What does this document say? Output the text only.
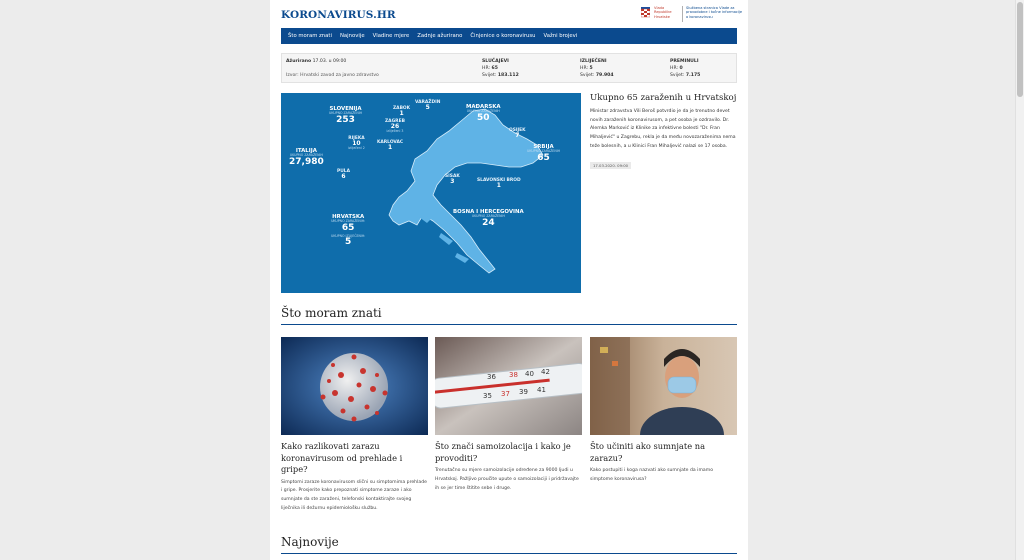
KORONAVIRUS.HR
Vlada Republike Hrvatske
Službena stranica Vlade za pravodobne i točne informacije o koronavirusu
Što moram znati Najnovije Vladine mjere Zadnje ažurirano Činjenice o koronavirusu Važni brojevi
Ažurirano 17.03. u 09:00
Izvor: Hrvatski zavod za javno zdravstvo
SLUČAJEVI
HR: 65
Svijet: 183.112
IZLIJEČENI
HR: 5
Svijet: 79.904
PREMINULI
HR: 0
Svijet: 7.175
SLOVENIJA
UKUPNO ZARAŽENIH
253
ZABOK
1
VARAŽDIN
5	MAĐARSKA
UKUPNO ZARAŽENIH
50
ZAGREB
26
izliječeni 3
RIJEKA
10
izliječeni 2
KARLOVAC
1
OSIJEK
7
SRBIJA
UKUPNO ZARAŽENIH
65
ITALIJA
UKUPNO ZARAŽENIH
27,980
PULA
6	SISAK
3	SLAVONSKI BROD
1
BOSNA I HERCEGOVINA
UKUPNO ZARAŽENIH
24
HRVATSKA
UKUPNO ZARAŽENIH:
65
UKUPNO IZLIJEČENIH:
5
Ukupno 65 zaraženih u Hrvatskoj

Ministar zdravstva Vili Beroš potvrdio je da je trenutno devet novih zaraženih koronavirusom, a pet osoba je ozdravilo. Dr. Alemka Marković iz Klinike za infektivne bolesti "Dr. Fran Mihaljević" u Zagrebu, rekla je da među novozaraženima nema teže bolesnih, a u Klinici Fran Mihaljević nalazi se 17 osoba.

17.03.2020. 09:00
Što moram znati
Kako razlikovati zarazu koronavirusom od prehlade i gripe?

Simptomi zaraze koronavirusom slični su simptomima prehlade i gripe. Prosjerite kako prepoznati simptome zaraze i ako sumnjate da ste zaraženi, telefonski kontaktirajte svojeg liječnika ili dežurnu epidemiološku službu.

36 38 40 42
35 37 39 41
Što znači samoizolacija i kako je provoditi?

Trenutačno su mjere samoizolacije određene za 9000 ljudi u Hrvatskoj. Pažljivo proučite upute o samoizolaciji i pridržavajte ih se jer time štitite sebe i druge.

Što učiniti ako sumnjate na zarazu?

Kako postupiti i koga nazvati ako sumnjate da imamo simptome koronavirusa?

Najnovije
